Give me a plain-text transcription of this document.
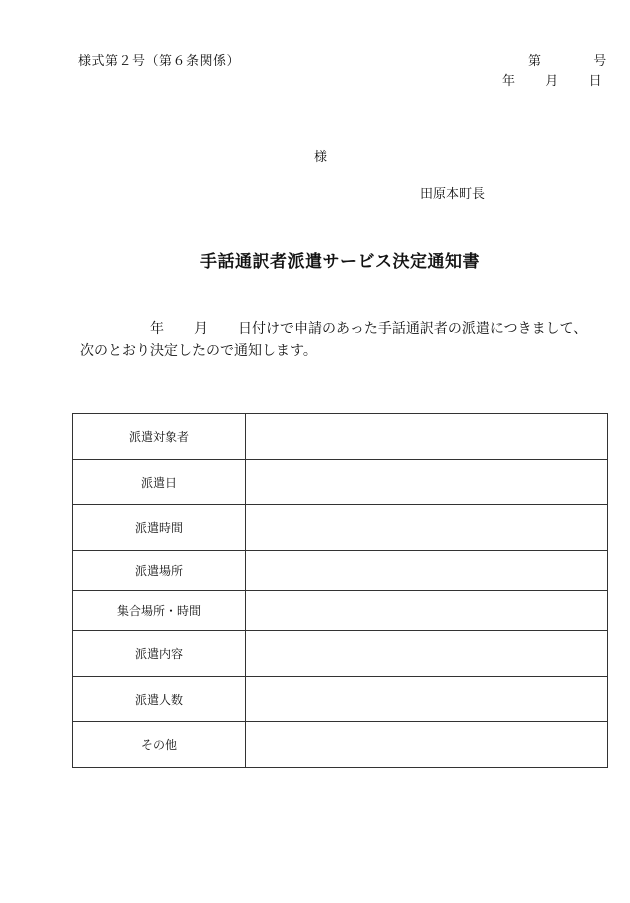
様式第２号（第６条関係）	第	号
年 月 日
様
田原本町長
手話通訳者派遣サービス決定通知書
年 月 日付けで申請のあった手話通訳者の派遣につきまして、
次のとおり決定したので通知します。
派遣対象者	
派遣日	
派遣時間	
派遣場所	
集合場所・時間	
派遣内容	
派遣人数	
その他	
